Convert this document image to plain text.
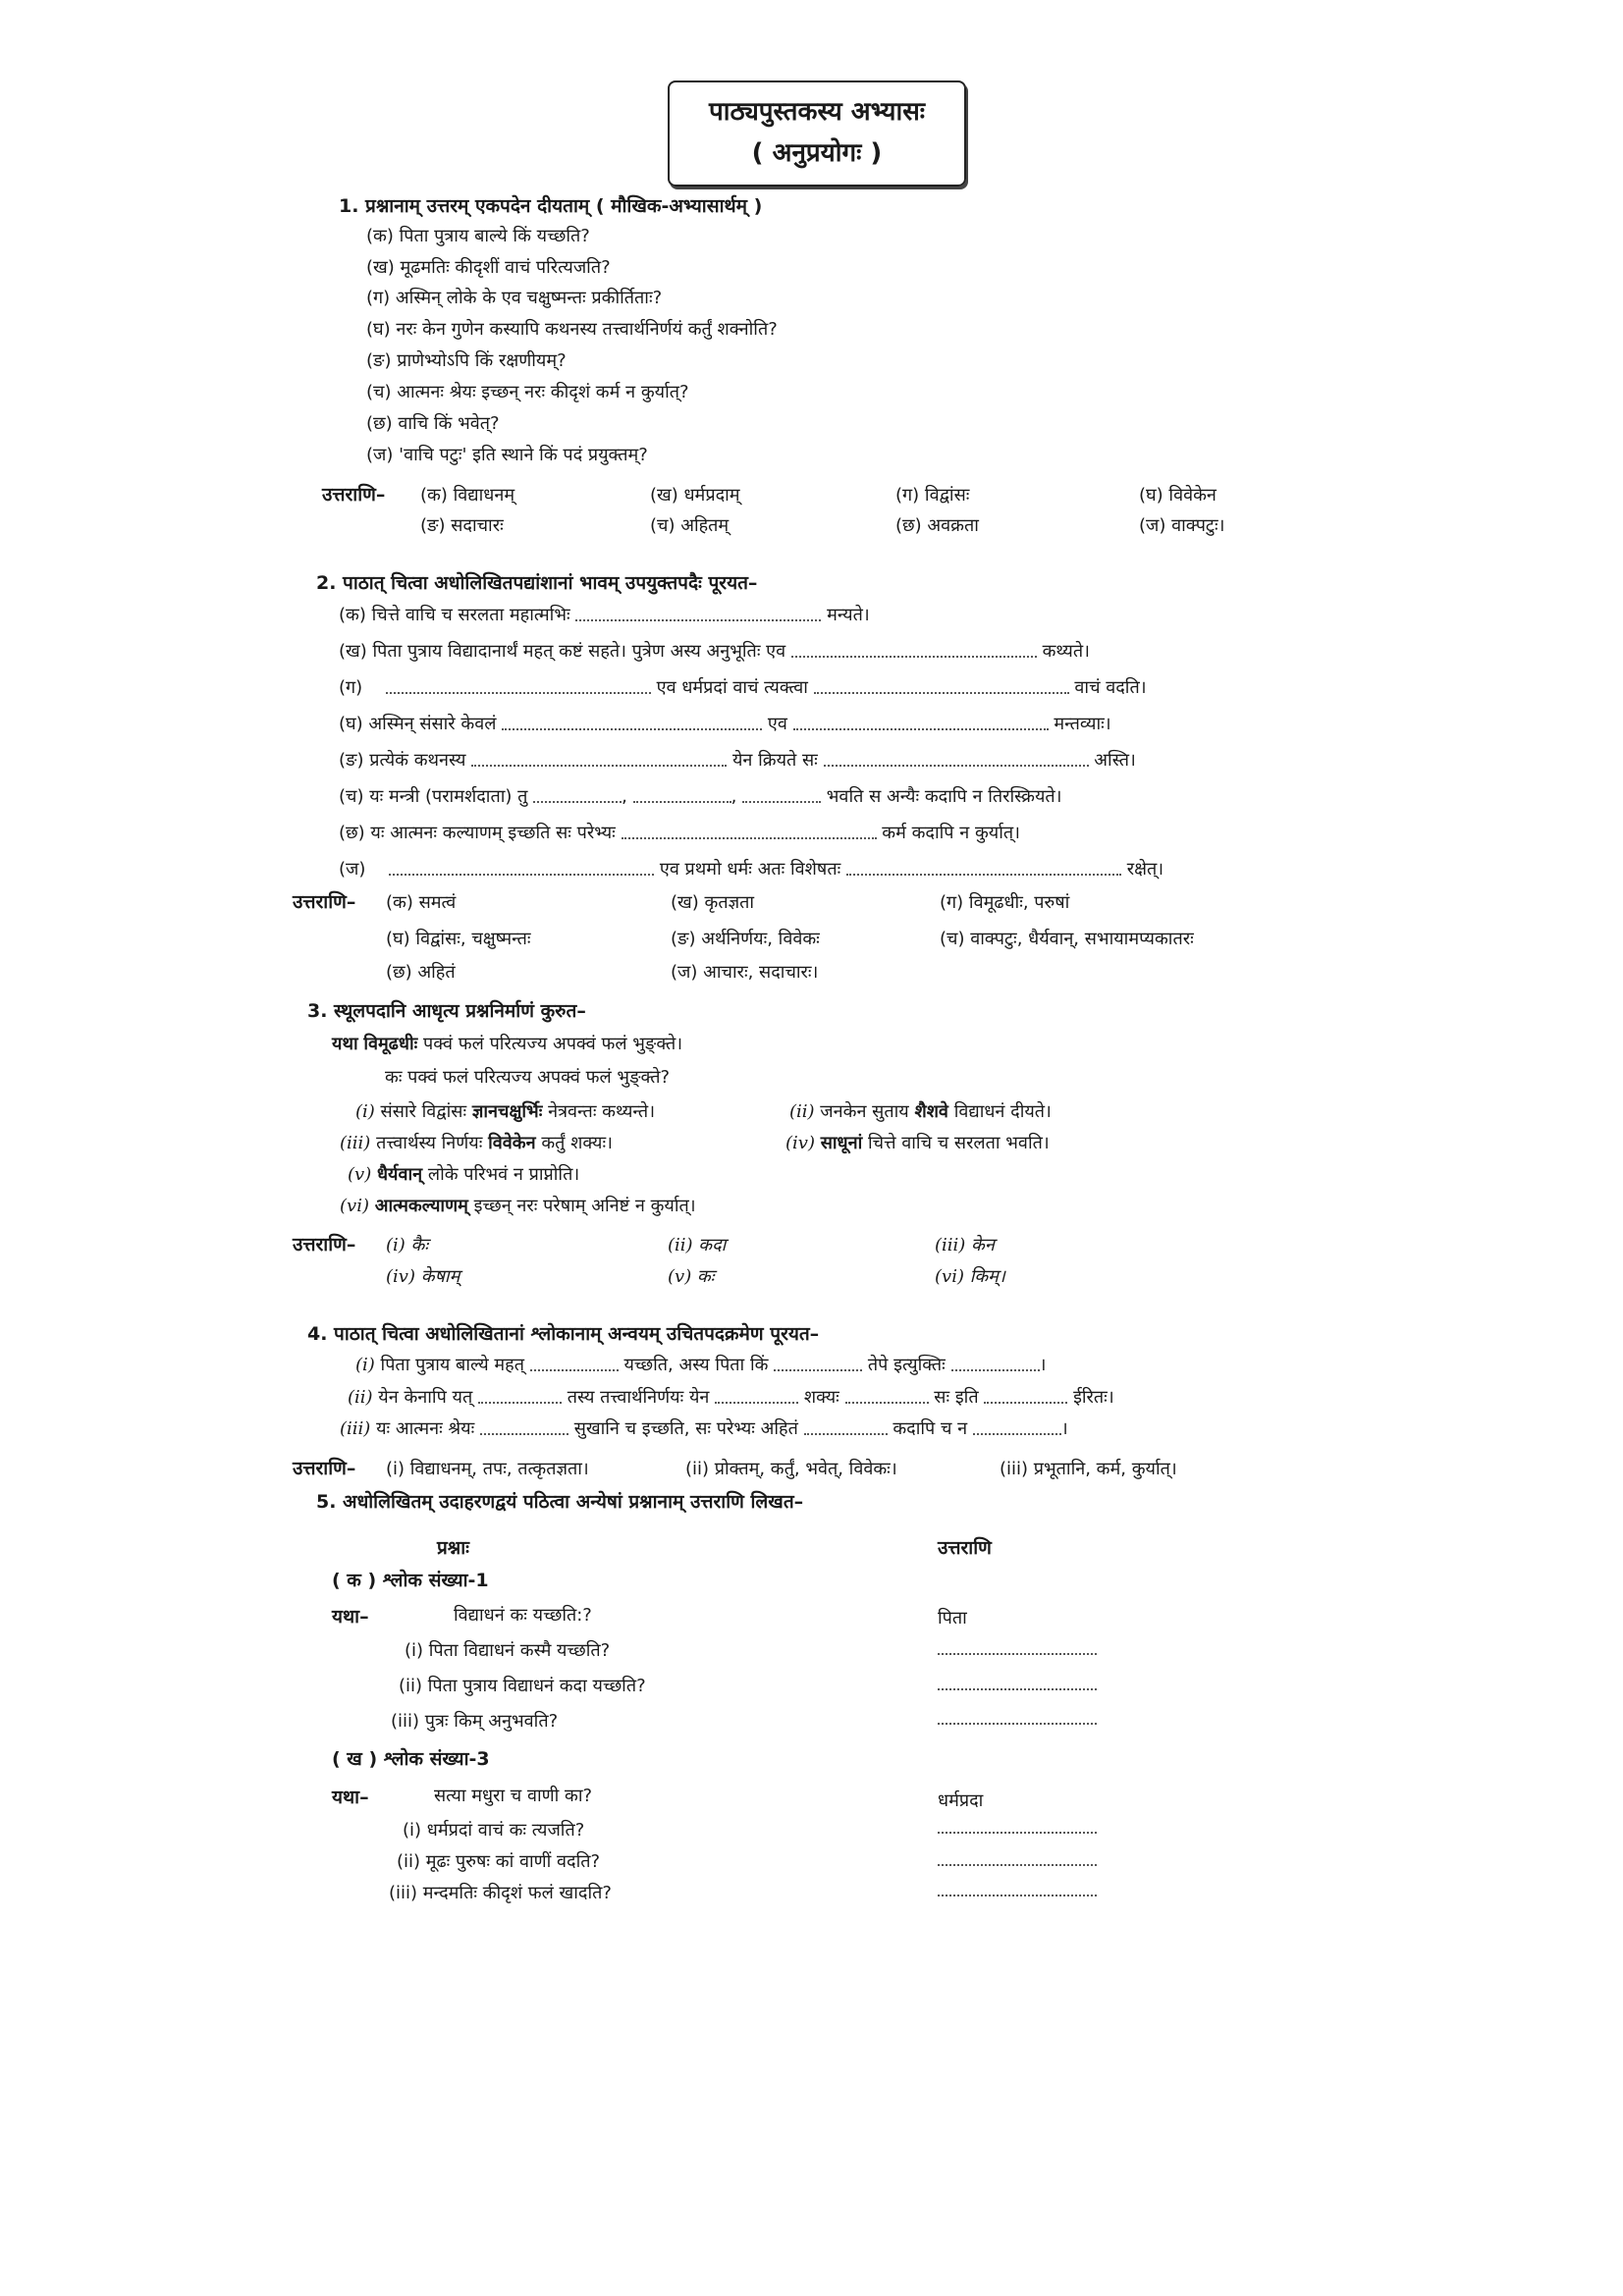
पाठ्यपुस्तकस्य अभ्यासः
( अनुप्रयोगः )
1. प्रश्नानाम् उत्तरम् एकपदेन दीयताम् ( मौखिक-अभ्यासार्थम् )
(क) पिता पुत्राय बाल्ये किं यच्छति?
(ख) मूढमतिः कीदृशीं वाचं परित्यजति?
(ग) अस्मिन् लोके के एव चक्षुष्मन्तः प्रकीर्तिताः?
(घ) नरः केन गुणेन कस्यापि कथनस्य तत्त्वार्थनिर्णयं कर्तुं शक्नोति?
(ङ) प्राणेभ्योऽपि किं रक्षणीयम्?
(च) आत्मनः श्रेयः इच्छन् नरः कीदृशं कर्म न कुर्यात्?
(छ) वाचि किं भवेत्?
(ज) 'वाचि पटुः' इति स्थाने किं पदं प्रयुक्तम्?
उत्तराणि– (क) विद्याधनम्	(ख) धर्मप्रदाम्	(ग) विद्वांसः	(घ) विवेकेन
(ङ) सदाचारः	(च) अहितम्	(छ) अवक्रता	(ज) वाक्पटुः।
2. पाठात् चित्वा अधोलिखितपद्यांशानां भावम् उपयुक्तपदैः पूरयत–
(क) चित्ते वाचि च सरलता महात्मभिः	मन्यते।
(ख) पिता पुत्राय विद्यादानार्थं महत् कष्टं सहते। पुत्रेण अस्य अनुभूतिः एव	कथ्यते।
(ग)	एव धर्मप्रदां वाचं त्यक्त्वा	वाचं वदति।
(घ) अस्मिन् संसारे केवलं	एव	मन्तव्याः।
(ङ) प्रत्येकं कथनस्य	येन क्रियते सः	अस्ति।
(च) यः मन्त्री (परामर्शदाता) तु	,	,	भवति स अन्यैः कदापि न तिरस्क्रियते।
(छ) यः आत्मनः कल्याणम् इच्छति सः परेभ्यः	कर्म कदापि न कुर्यात्।
(ज)	एव प्रथमो धर्मः अतः विशेषतः	रक्षेत्।
उत्तराणि– (क) समत्वं	(ख) कृतज्ञता	(ग) विमूढधीः, परुषां
(घ) विद्वांसः, चक्षुष्मन्तः	(ङ) अर्थनिर्णयः, विवेकः	(च) वाक्पटुः, धैर्यवान्, सभायामप्यकातरः
(छ) अहितं	(ज) आचारः, सदाचारः।
3. स्थूलपदानि आधृत्य प्रश्ननिर्माणं कुरुत–
यथा विमूढधीः पक्वं फलं परित्यज्य अपक्वं फलं भुङ्क्ते।
कः पक्वं फलं परित्यज्य अपक्वं फलं भुङ्क्ते?
(i) संसारे विद्वांसः ज्ञानचक्षुर्भिः नेत्रवन्तः कथ्यन्ते।	(ii) जनकेन सुताय शैशवे विद्याधनं दीयते।
(iii) तत्त्वार्थस्य निर्णयः विवेकेन कर्तुं शक्यः।	(iv) साधूनां चित्ते वाचि च सरलता भवति।
(v) धैर्यवान् लोके परिभवं न प्राप्नोति।
(vi) आत्मकल्याणम् इच्छन् नरः परेषाम् अनिष्टं न कुर्यात्।
उत्तराणि– (i) कैः	(ii) कदा	(iii) केन
(iv) केषाम्	(v) कः	(vi) किम्।
4. पाठात् चित्वा अधोलिखितानां श्लोकानाम् अन्वयम् उचितपदक्रमेण पूरयत–
(i) पिता पुत्राय बाल्ये महत्	यच्छति, अस्य पिता किं	तेपे इत्युक्तिः	।
(ii) येन केनापि यत्	तस्य तत्त्वार्थनिर्णयः येन	शक्यः	सः इति	ईरितः।
(iii) यः आत्मनः श्रेयः	सुखानि च इच्छति, सः परेभ्यः अहितं	कदापि च न	।
उत्तराणि– (i) विद्याधनम्, तपः, तत्कृतज्ञता।	(ii) प्रोक्तम्, कर्तुं, भवेत्, विवेकः।	(iii) प्रभूतानि, कर्म, कुर्यात्।
5. अधोलिखितम् उदाहरणद्वयं पठित्वा अन्येषां प्रश्नानाम् उत्तराणि लिखत–
प्रश्नाः	उत्तराणि
( क ) श्लोक संख्या-1
यथा–	विद्याधनं कः यच्छति:?	पिता
(i) पिता विद्याधनं कस्मै यच्छति?
(ii) पिता पुत्राय विद्याधनं कदा यच्छति?
(iii) पुत्रः किम् अनुभवति?
( ख ) श्लोक संख्या-3
यथा–	सत्या मधुरा च वाणी का?	धर्मप्रदा
(i) धर्मप्रदां वाचं कः त्यजति?
(ii) मूढः पुरुषः कां वाणीं वदति?
(iii) मन्दमतिः कीदृशं फलं खादति?
